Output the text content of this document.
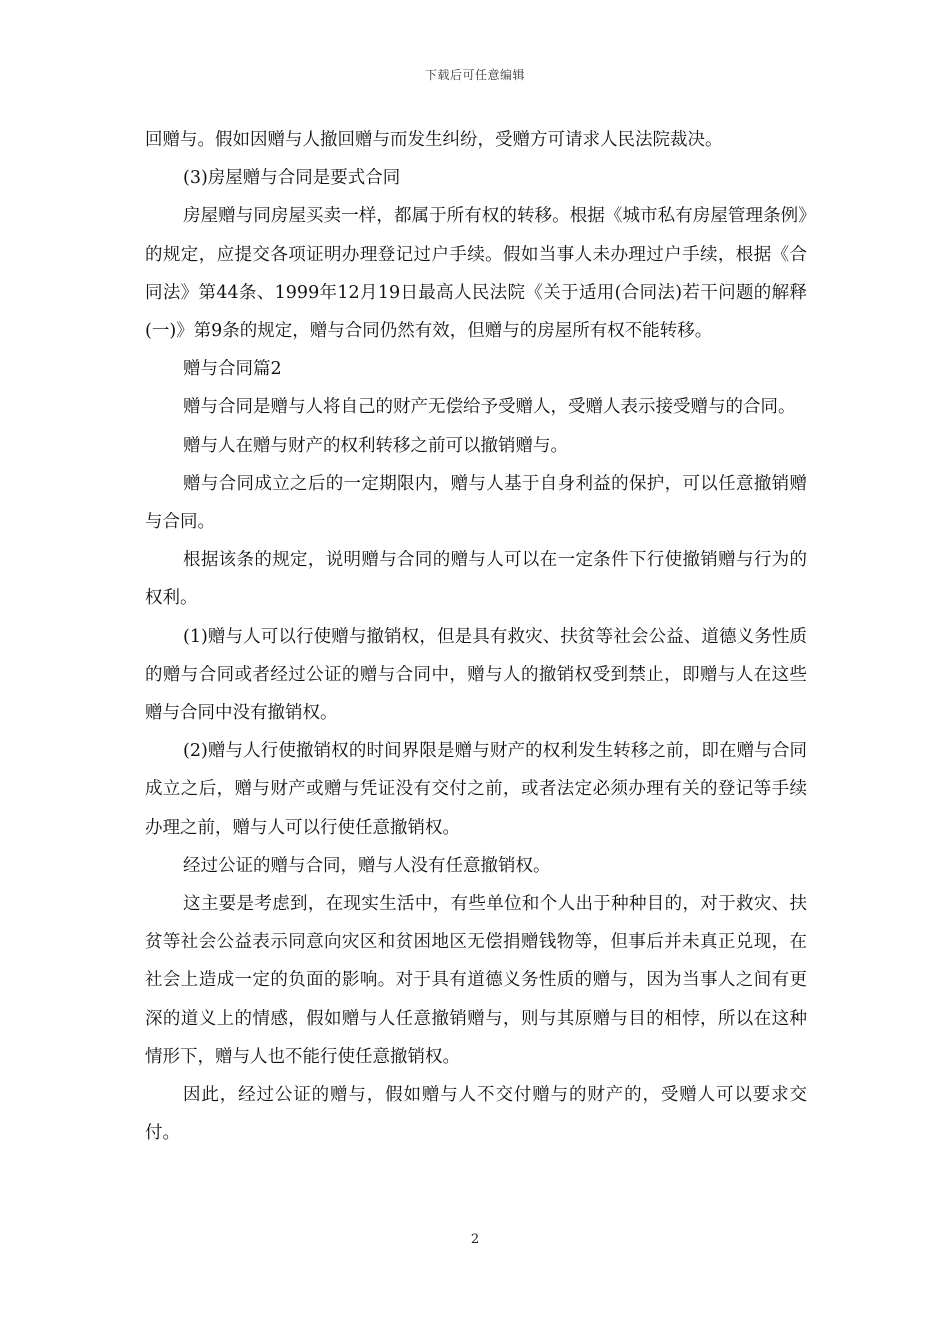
下载后可任意编辑

回赠与。假如因赠与人撤回赠与而发生纠纷，受赠方可请求人民法院裁决。

(3)房屋赠与合同是要式合同

房屋赠与同房屋买卖一样，都属于所有权的转移。根据《城市私有房屋管理条例》的规定，应提交各项证明办理登记过户手续。假如当事人未办理过户手续，根据《合同法》第44条、1999年12月19日最高人民法院《关于适用(合同法)若干问题的解释(一)》第9条的规定，赠与合同仍然有效，但赠与的房屋所有权不能转移。

赠与合同篇2

赠与合同是赠与人将自己的财产无偿给予受赠人，受赠人表示接受赠与的合同。

赠与人在赠与财产的权利转移之前可以撤销赠与。

赠与合同成立之后的一定期限内，赠与人基于自身利益的保护，可以任意撤销赠与合同。

根据该条的规定，说明赠与合同的赠与人可以在一定条件下行使撤销赠与行为的权利。

(1)赠与人可以行使赠与撤销权，但是具有救灾、扶贫等社会公益、道德义务性质的赠与合同或者经过公证的赠与合同中，赠与人的撤销权受到禁止，即赠与人在这些赠与合同中没有撤销权。

(2)赠与人行使撤销权的时间界限是赠与财产的权利发生转移之前，即在赠与合同成立之后，赠与财产或赠与凭证没有交付之前，或者法定必须办理有关的登记等手续办理之前，赠与人可以行使任意撤销权。

经过公证的赠与合同，赠与人没有任意撤销权。

这主要是考虑到，在现实生活中，有些单位和个人出于种种目的，对于救灾、扶贫等社会公益表示同意向灾区和贫困地区无偿捐赠钱物等，但事后并未真正兑现，在社会上造成一定的负面的影响。对于具有道德义务性质的赠与，因为当事人之间有更深的道义上的情感，假如赠与人任意撤销赠与，则与其原赠与目的相悖，所以在这种情形下，赠与人也不能行使任意撤销权。

因此，经过公证的赠与，假如赠与人不交付赠与的财产的，受赠人可以要求交付。

2
